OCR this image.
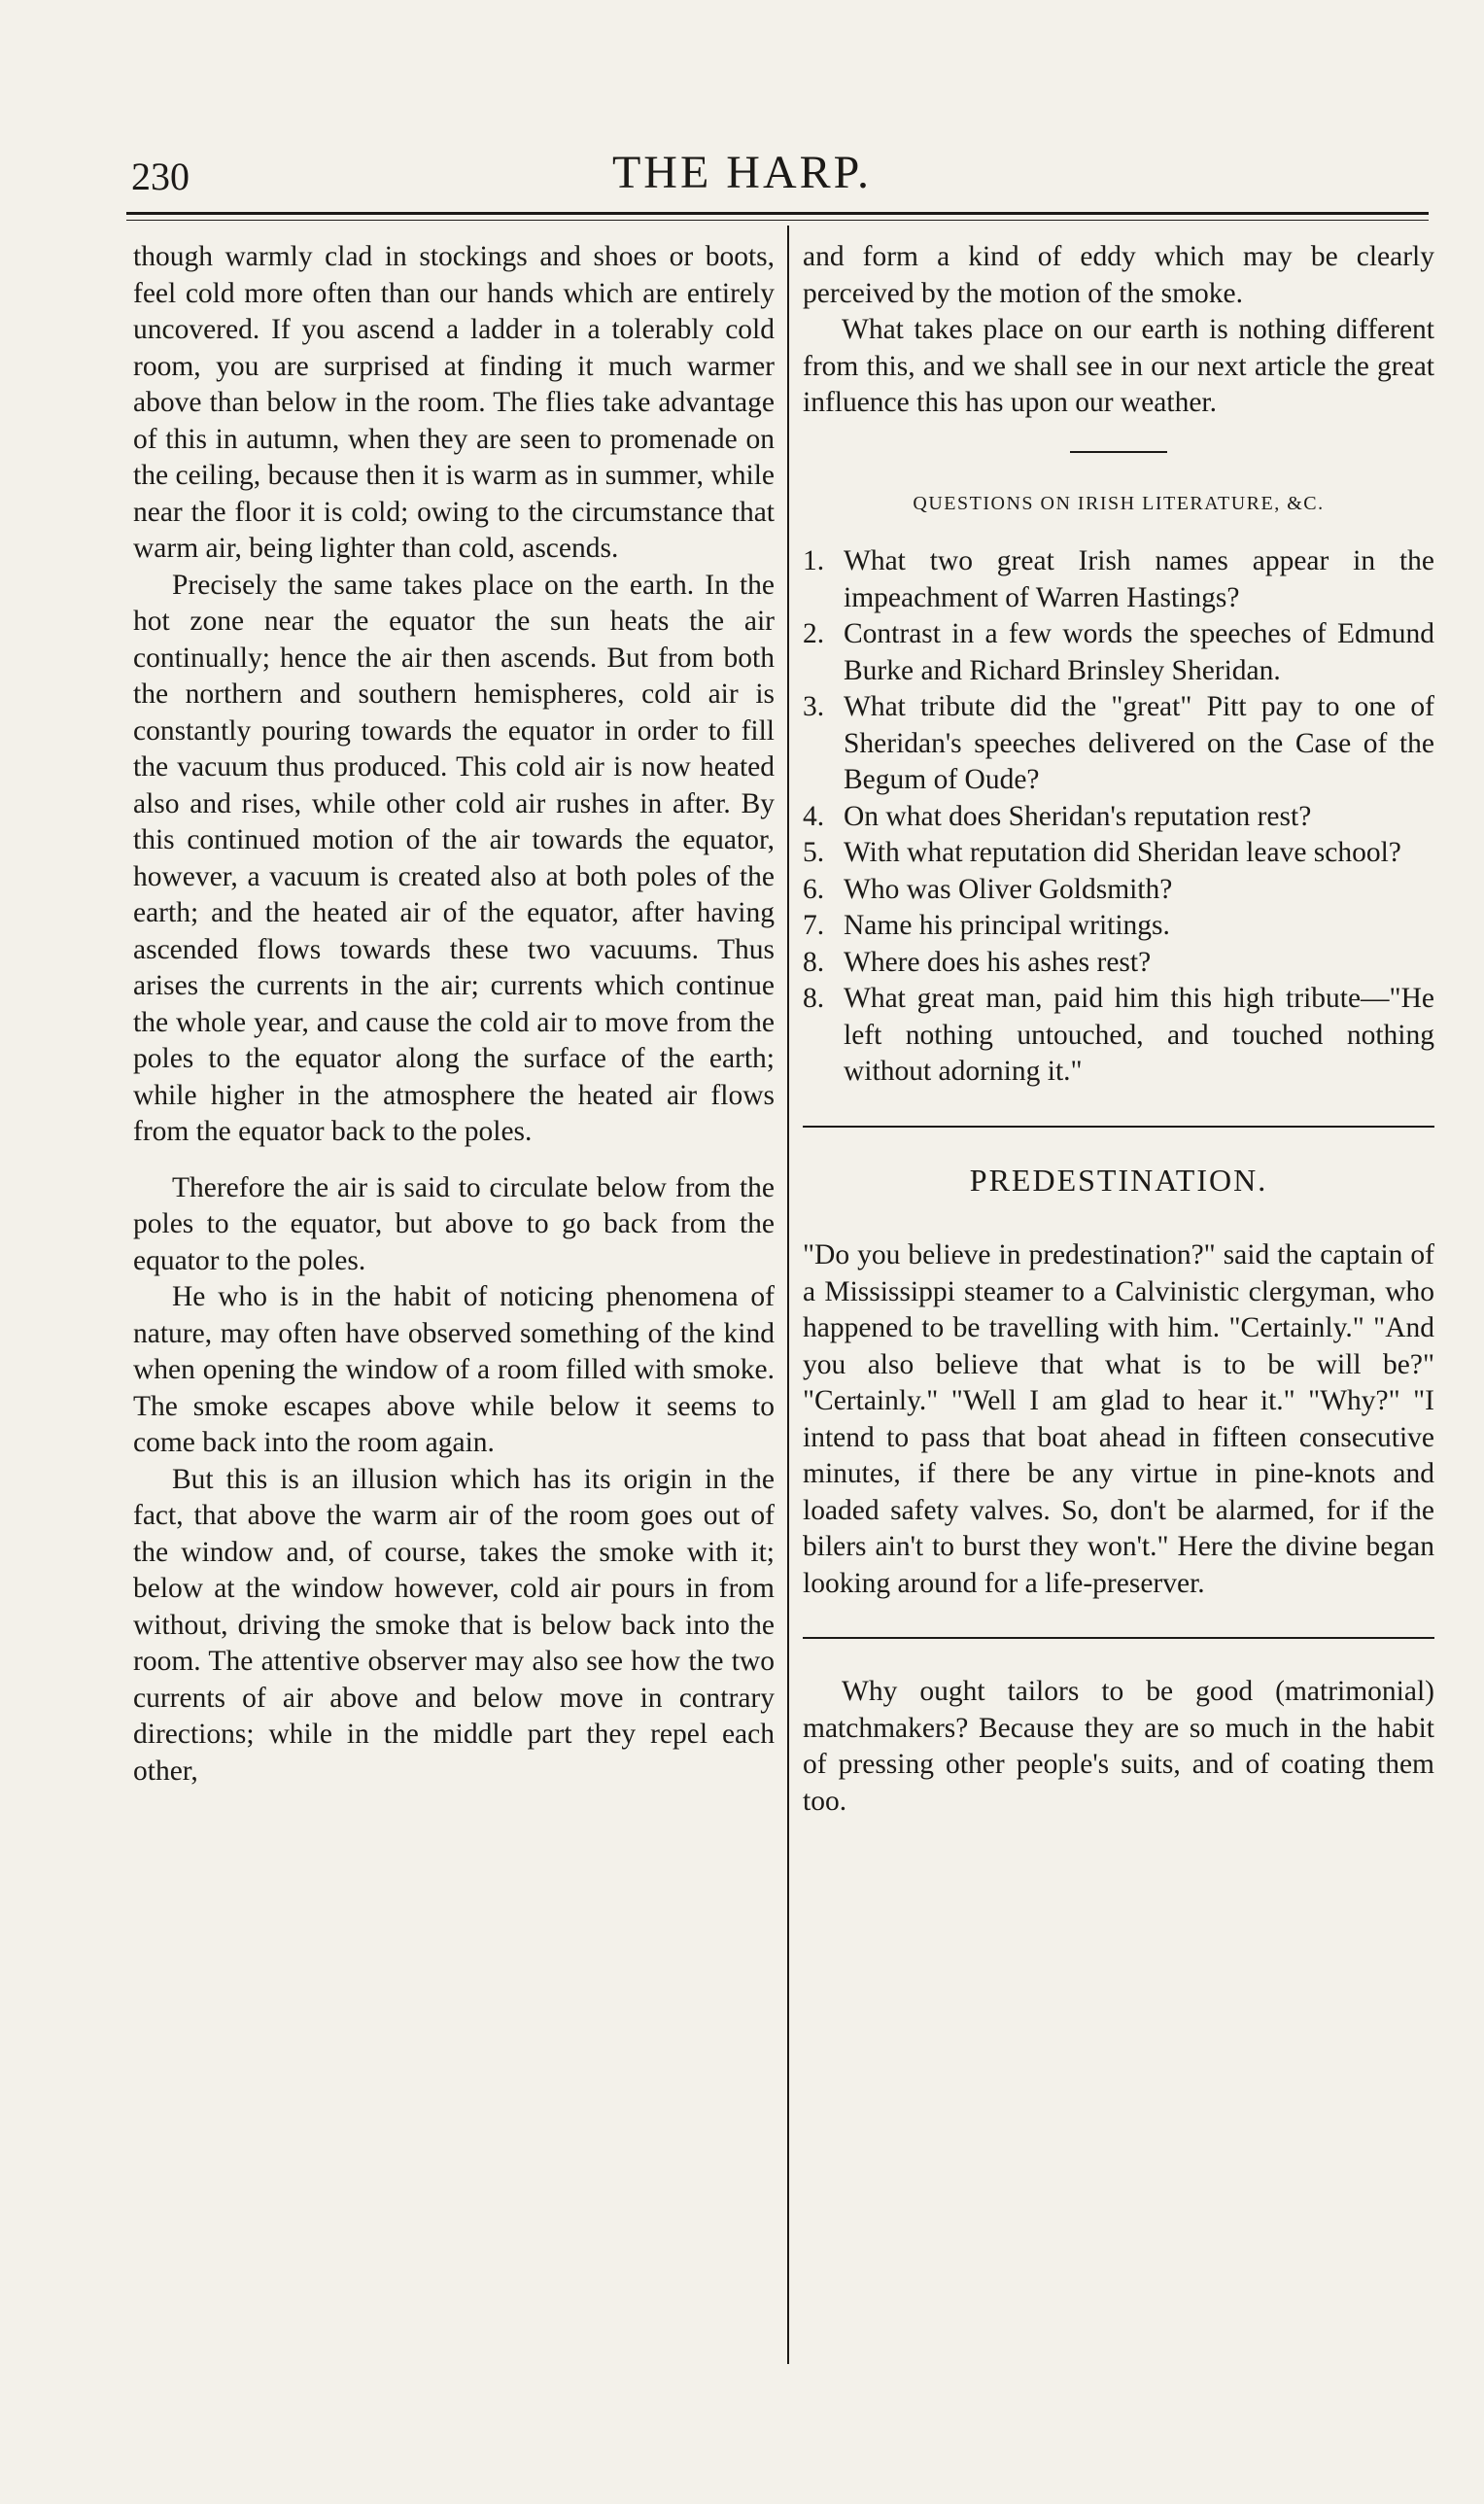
230	THE HARP.

though warmly clad in stockings and shoes or boots, feel cold more often than our hands which are entirely uncovered. If you ascend a ladder in a tolerably cold room, you are surprised at finding it much warmer above than below in the room. The flies take advantage of this in autumn, when they are seen to promenade on the ceiling, because then it is warm as in summer, while near the floor it is cold; owing to the circumstance that warm air, being lighter than cold, ascends.

Precisely the same takes place on the earth. In the hot zone near the equator the sun heats the air continually; hence the air then ascends. But from both the northern and southern hemispheres, cold air is constantly pouring towards the equator in order to fill the vacuum thus produced. This cold air is now heated also and rises, while other cold air rushes in after. By this continued motion of the air towards the equator, however, a vacuum is created also at both poles of the earth; and the heated air of the equator, after having ascended flows towards these two vacuums. Thus arises the currents in the air; currents which continue the whole year, and cause the cold air to move from the poles to the equator along the surface of the earth; while higher in the atmosphere the heated air flows from the equator back to the poles.

Therefore the air is said to circulate below from the poles to the equator, but above to go back from the equator to the poles.

He who is in the habit of noticing phenomena of nature, may often have observed something of the kind when opening the window of a room filled with smoke. The smoke escapes above while below it seems to come back into the room again.

But this is an illusion which has its origin in the fact, that above the warm air of the room goes out of the window and, of course, takes the smoke with it; below at the window however, cold air pours in from without, driving the smoke that is below back into the room. The attentive observer may also see how the two currents of air above and below move in contrary directions; while in the middle part they repel each other,

and form a kind of eddy which may be clearly perceived by the motion of the smoke.

What takes place on our earth is nothing different from this, and we shall see in our next article the great influence this has upon our weather.

QUESTIONS ON IRISH LITERATURE, &C.
1. What two great Irish names appear in the impeachment of Warren Hastings?
2. Contrast in a few words the speeches of Edmund Burke and Richard Brinsley Sheridan.
3. What tribute did the "great" Pitt pay to one of Sheridan's speeches delivered on the Case of the Begum of Oude?
4. On what does Sheridan's reputation rest?
5. With what reputation did Sheridan leave school?
6. Who was Oliver Goldsmith?
7. Name his principal writings.
8. Where does his ashes rest?
8. What great man, paid him this high tribute—"He left nothing untouched, and touched nothing without adorning it."
PREDESTINATION.

"Do you believe in predestination?" said the captain of a Mississippi steamer to a Calvinistic clergyman, who happened to be travelling with him. "Certainly." "And you also believe that what is to be will be?" "Certainly." "Well I am glad to hear it." "Why?" "I intend to pass that boat ahead in fifteen consecutive minutes, if there be any virtue in pine-knots and loaded safety valves. So, don't be alarmed, for if the bilers ain't to burst they won't." Here the divine began looking around for a life-preserver.

Why ought tailors to be good (matrimonial) matchmakers? Because they are so much in the habit of pressing other people's suits, and of coating them too.
